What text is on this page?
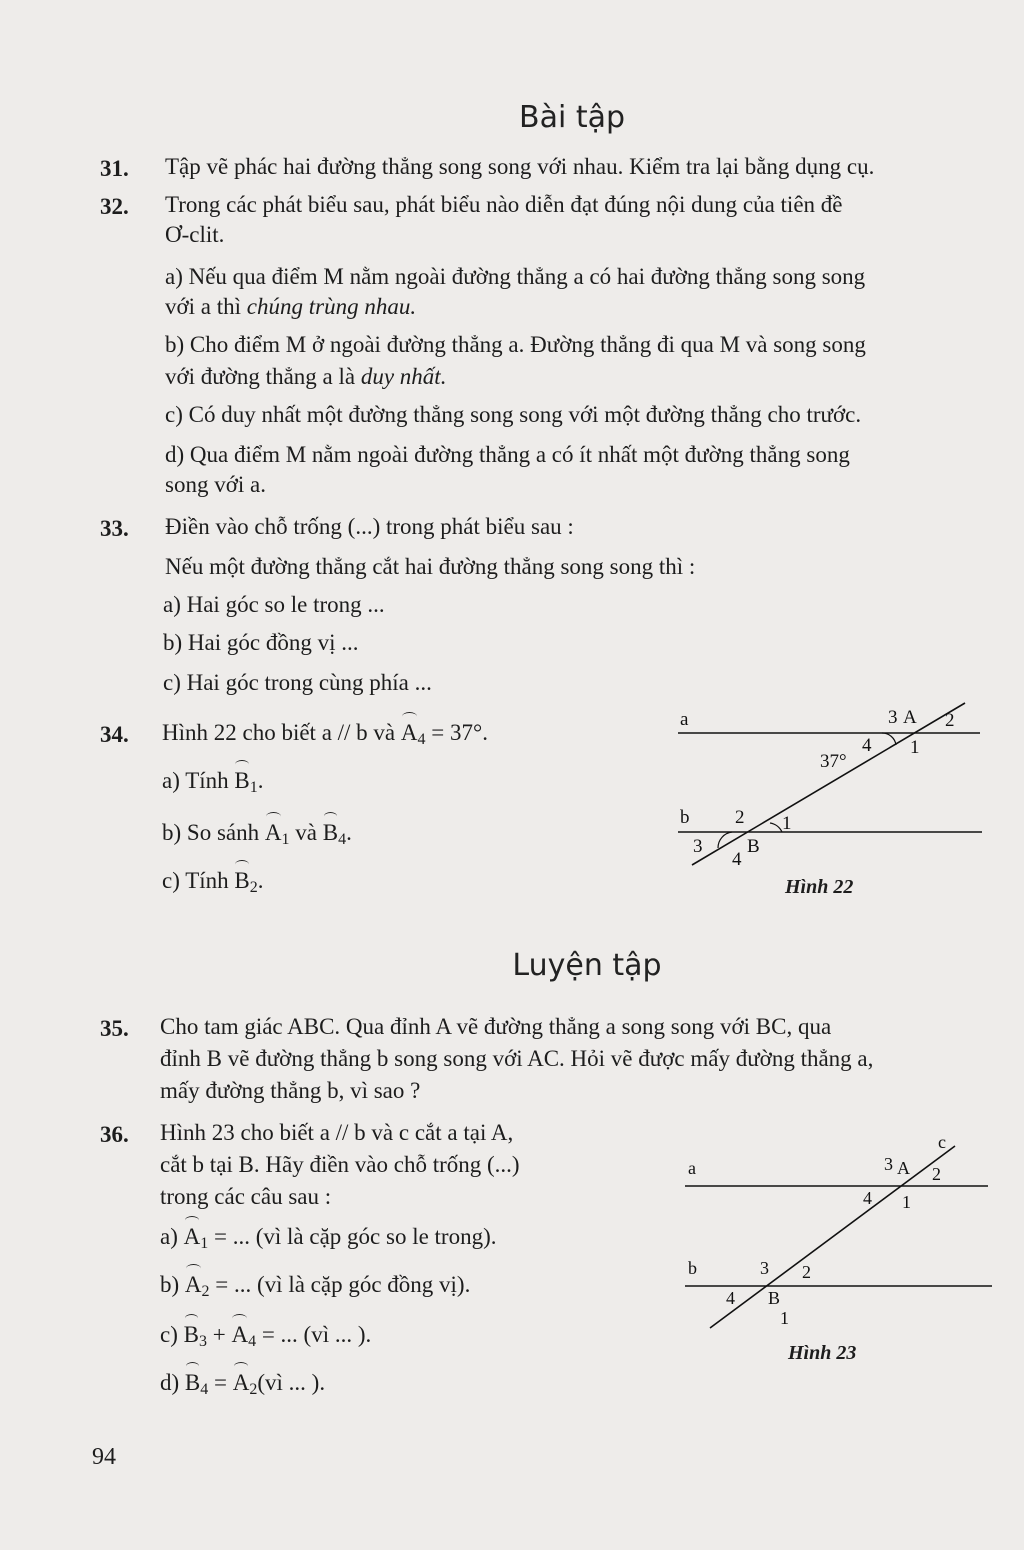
Bài tập
31. Tập vẽ phác hai đường thẳng song song với nhau. Kiểm tra lại bằng dụng cụ.
32. Trong các phát biểu sau, phát biểu nào diễn đạt đúng nội dung của tiên đề
Ơ-clit.
a) Nếu qua điểm M nằm ngoài đường thẳng a có hai đường thẳng song song
với a thì chúng trùng nhau.
b) Cho điểm M ở ngoài đường thẳng a. Đường thẳng đi qua M và song song
với đường thẳng a là duy nhất.
c) Có duy nhất một đường thẳng song song với một đường thẳng cho trước.
d) Qua điểm M nằm ngoài đường thẳng a có ít nhất một đường thẳng song
song với a.
33. Điền vào chỗ trống (...) trong phát biểu sau :
Nếu một đường thẳng cắt hai đường thẳng song song thì :
a) Hai góc so le trong ...
b) Hai góc đồng vị ...
c) Hai góc trong cùng phía ...
34. Hình 22 cho biết a // b và $A_4 = 37^\circ$.
a) Tính $B_1$.
b) So sánh $A_1$ và $B_4$.
c) Tính $B_2$.
a	3 A 2
4 1
37°
b 2 1
3 B
4
Hình 22
Luyện tập
35. Cho tam giác ABC. Qua đỉnh A vẽ đường thẳng a song song với BC, qua
đỉnh B vẽ đường thẳng b song song với AC. Hỏi vẽ được mấy đường thẳng a,
mấy đường thẳng b, vì sao ?
36. Hình 23 cho biết a // b và c cắt a tại A,
cắt b tại B. Hãy điền vào chỗ trống (...)
trong các câu sau :
a) $A_1$ = ... (vì là cặp góc so le trong).
b) $A_2$ = ... (vì là cặp góc đồng vị).
c) $B_3 + A_4$ = ... (vì ... ).
d) $B_4$ = $A_2(vì$ ... ).
c
a	3 A 2
4 1
b	3 2
4 B
1
Hình 23
94
